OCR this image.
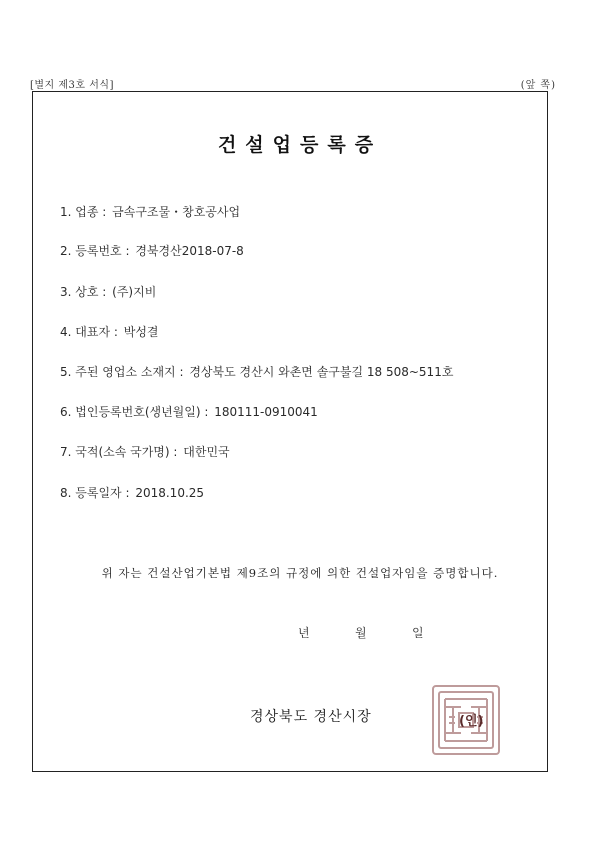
[별지 제3호 서식]	(앞 쪽)
건설업등록증
1. 업종 : 금속구조물・창호공사업
2. 등록번호 : 경북경산2018-07-8
3. 상호 : (주)지비
4. 대표자 : 박성결
5. 주된 영업소 소재지 : 경상북도 경산시 와촌면 솔구불길 18 508~511호
6. 법인등록번호(생년월일) : 180111-0910041
7. 국적(소속 국가명) : 대한민국
8. 등록일자 : 2018.10.25
위 자는 건설산업기본법 제9조의 규정에 의한 건설업자임을 증명합니다.
년	월	일
경상북도 경산시장	(인)
